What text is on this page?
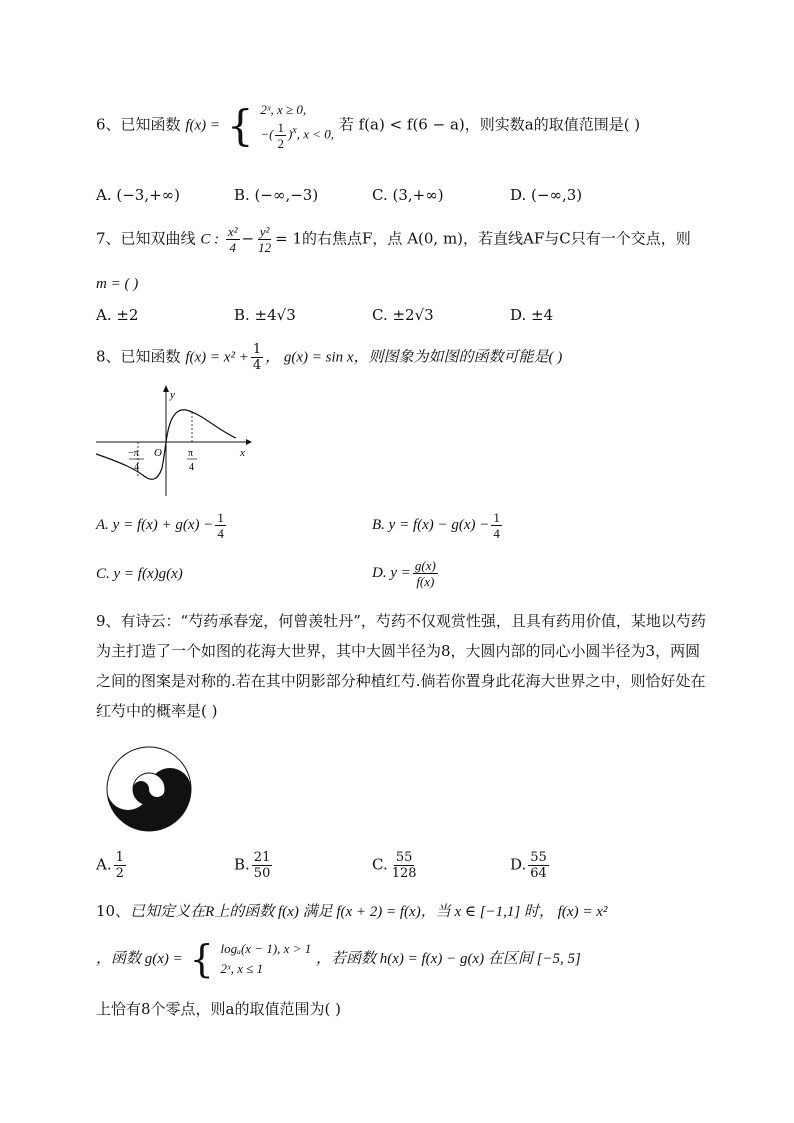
6、已知函数 f(x) = { 2ˣ, x ≥ 0,
−( $\frac{1}{2} )^x$, x < 0,
若 f(a) < f(6 − a)，则实数a的取值范围是( )
A. (−3,+∞)	B. (−∞,−3)	C. (3,+∞)	D. (−∞,3)
7、已知双曲线 C : $\frac{\text{x²}}{4} - \frac{\text{y²}}{12} = 1$的右焦点F，点 A(0, m)，若直线AF与C只有一个交点，则
m = ( )
A. ±2	B. ±4√3	C. ±2√3	D. ±4
8、已知函数 $f(x) = x^2 + \frac{1}{4}$ ， g(x) = sin x，则图象为如图的函数可能是( )
y
x
O
−π
4
π
4
A. $y = f(x) + g(x) - \frac{1}{4}$	B. $y = f(x) - g(x) - \frac{1}{4}$
C. y = f(x)g(x)	D. $y = \frac{g(x)}{f(x)}$
9、有诗云：“芍药承春宠，何曾羡牡丹”，芍药不仅观赏性强，且具有药用价值，某地以芍药为主打造了一个如图的花海大世界，其中大圆半径为8，大圆内部的同心小圆半径为3，两圆之间的图案是对称的.若在其中阴影部分种植红芍.倘若你置身此花海大世界之中，则恰好处在红芍中的概率是( )
A. $\frac{1}{2}$	B. $\frac{21}{50}$	C. $\frac{55}{128}$	D. $\frac{55}{64}$
10、已知定义在R上的函数 f(x) 满足 f(x + 2) = f(x)，当 x ∈ [−1,1] 时， f(x) = x²
，函数 g(x) = { logₐ(x − 1), x > 1
2ˣ, x ≤ 1
，若函数 h(x) = f(x) − g(x) 在区间 [−5, 5]
上恰有8个零点，则a的取值范围为( )
